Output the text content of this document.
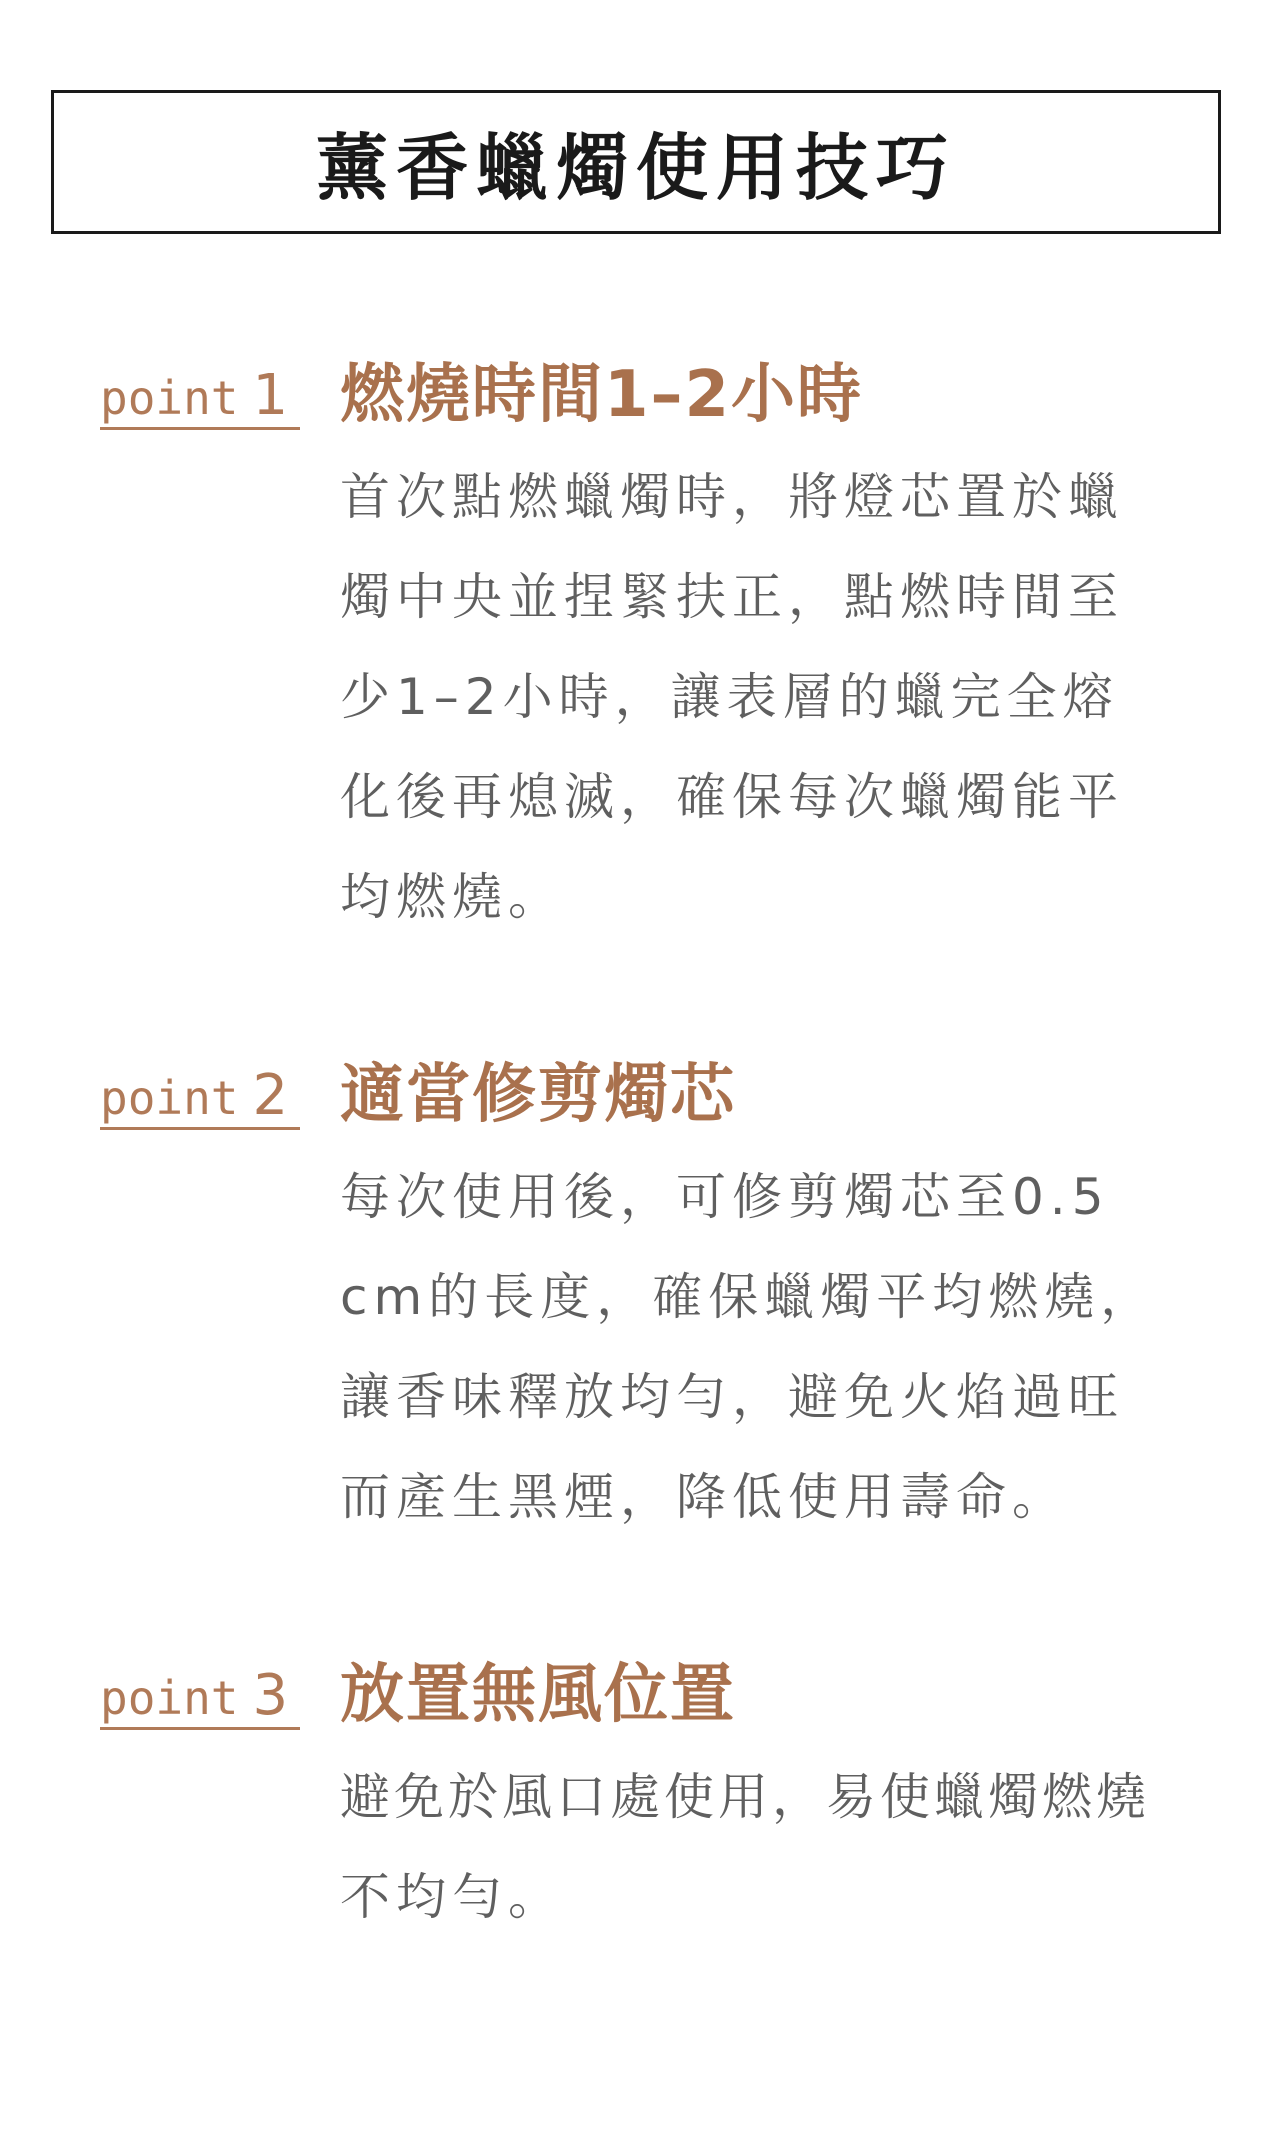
薰香蠟燭使用技巧
point 1 燃燒時間1–2小時
首次點燃蠟燭時，將燈芯置於蠟
燭中央並捏緊扶正，點燃時間至
少1–2小時，讓表層的蠟完全熔
化後再熄滅，確保每次蠟燭能平
均燃燒。
point 2 適當修剪燭芯
每次使用後，可修剪燭芯至0.5
cm的長度，確保蠟燭平均燃燒，
讓香味釋放均勻，避免火焰過旺
而產生黑煙，降低使用壽命。
point 3 放置無風位置
避免於風口處使用，易使蠟燭燃燒
不均勻。
